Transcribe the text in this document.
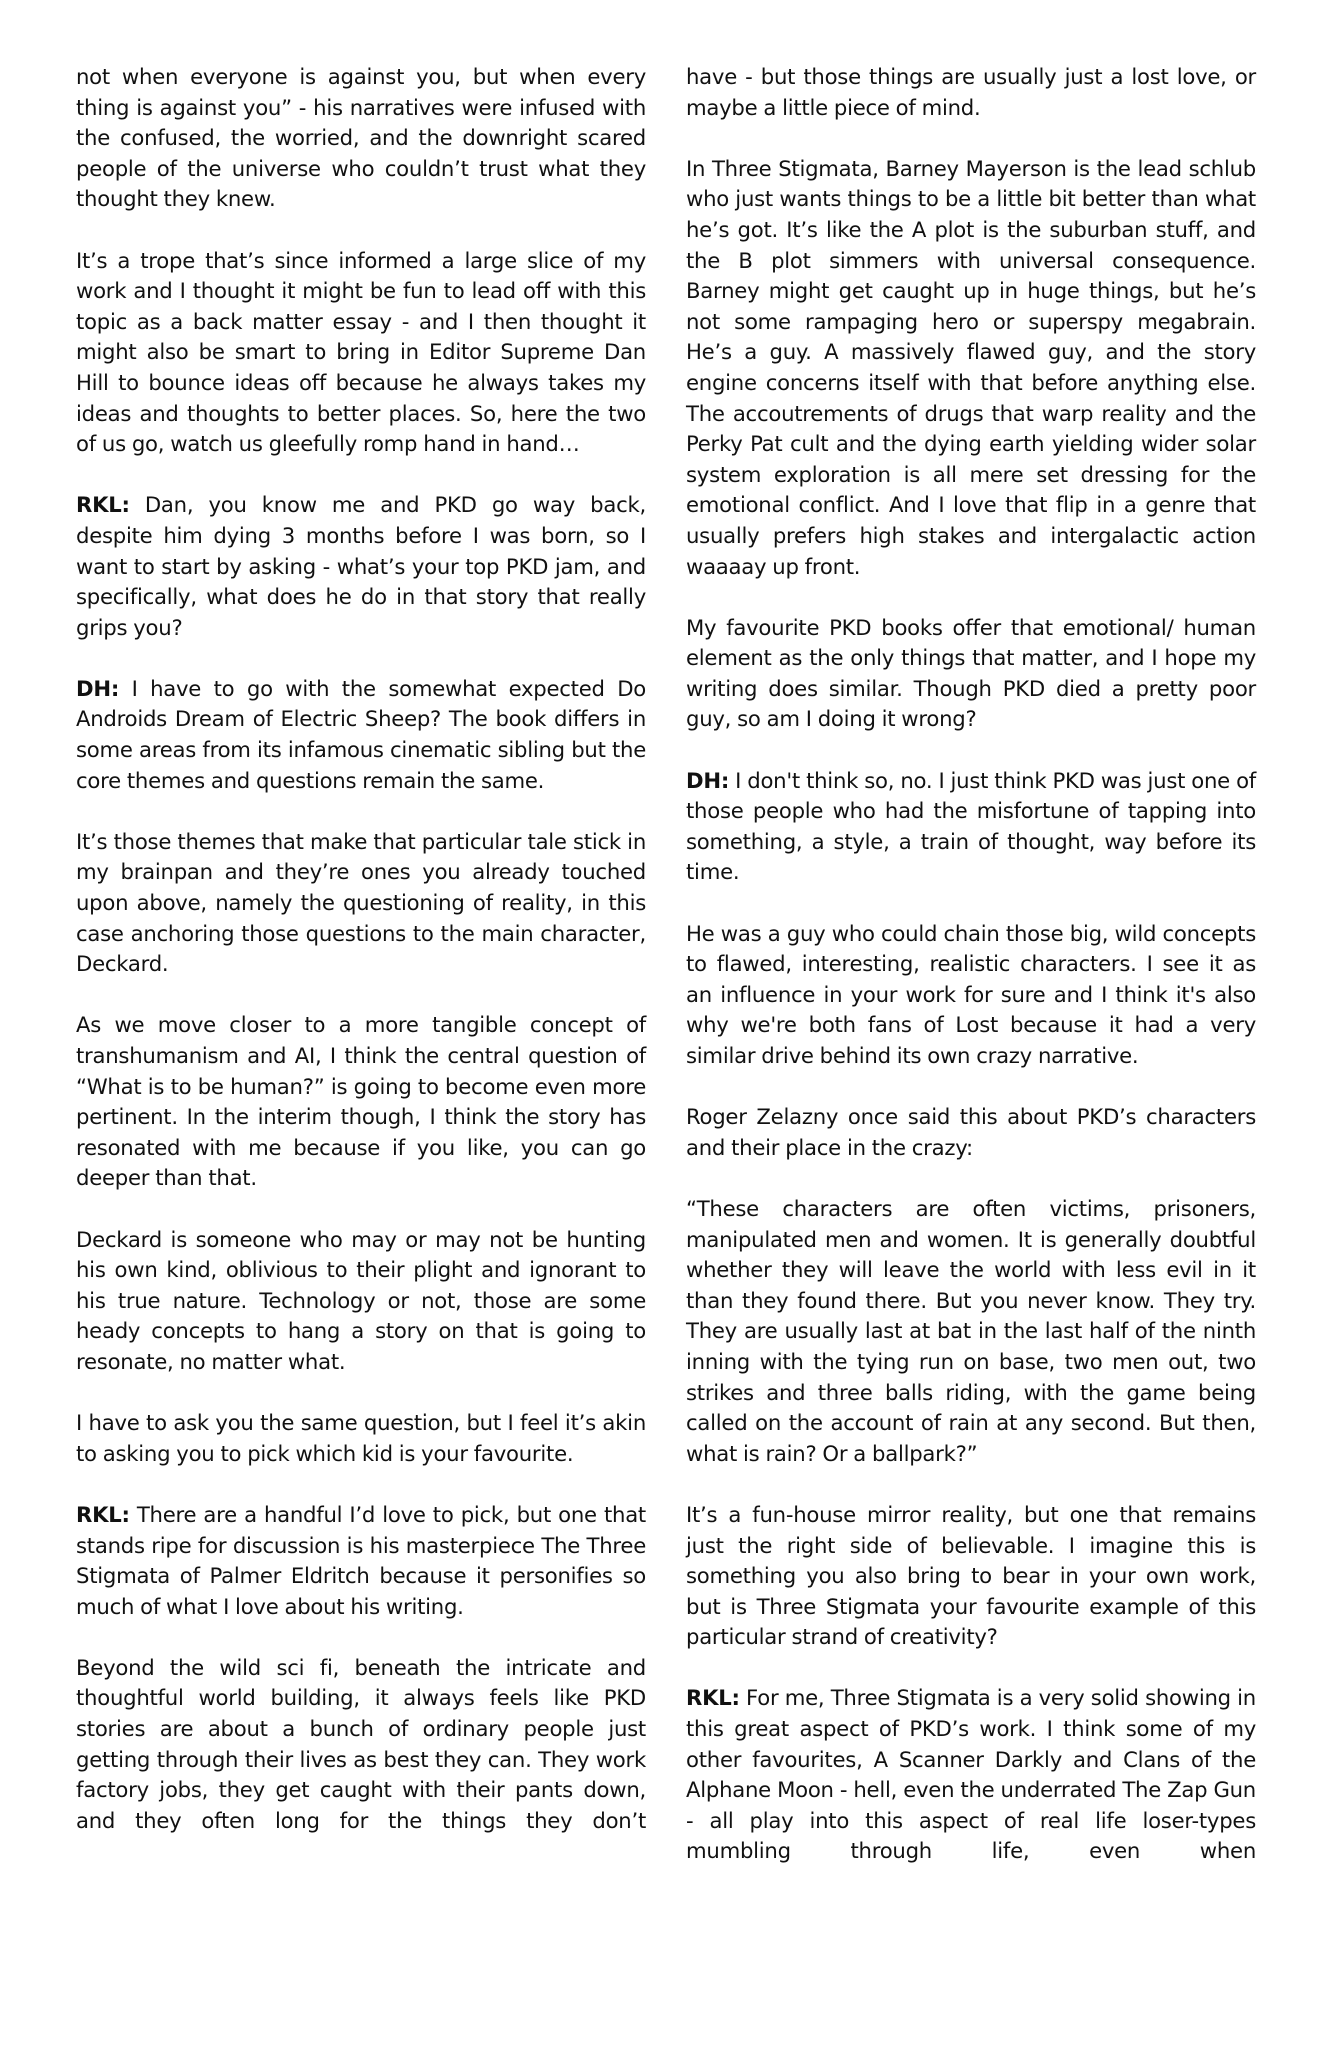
not when everyone is against you, but when every thing is against you” - his narratives were infused with the confused, the worried, and the downright scared people of the universe who couldn’t trust what they thought they knew.

It’s a trope that’s since informed a large slice of my work and I thought it might be fun to lead off with this topic as a back matter essay - and I then thought it might also be smart to bring in Editor Supreme Dan Hill to bounce ideas off because he always takes my ideas and thoughts to better places. So, here the two of us go, watch us gleefully romp hand in hand…

RKL: Dan, you know me and PKD go way back, despite him dying 3 months before I was born, so I want to start by asking - what’s your top PKD jam, and specifically, what does he do in that story that really grips you?

DH: I have to go with the somewhat expected Do Androids Dream of Electric Sheep? The book differs in some areas from its infamous cinematic sibling but the core themes and questions remain the same.

It’s those themes that make that particular tale stick in my brainpan and they’re ones you already touched upon above, namely the questioning of reality, in this case anchoring those questions to the main character, Deckard.

As we move closer to a more tangible concept of transhumanism and AI, I think the central question of “What is to be human?” is going to become even more pertinent. In the interim though, I think the story has resonated with me because if you like, you can go deeper than that.

Deckard is someone who may or may not be hunting his own kind, oblivious to their plight and ignorant to his true nature. Technology or not, those are some heady concepts to hang a story on that is going to resonate, no matter what.

I have to ask you the same question, but I feel it’s akin to asking you to pick which kid is your favourite.

RKL: There are a handful I’d love to pick, but one that stands ripe for discussion is his masterpiece The Three Stigmata of Palmer Eldritch because it personifies so much of what I love about his writing.

Beyond the wild sci fi, beneath the intricate and thoughtful world building, it always feels like PKD stories are about a bunch of ordinary people just getting through their lives as best they can. They work factory jobs, they get caught with their pants down, and they often long for the things they don’t

have - but those things are usually just a lost love, or maybe a little piece of mind.

In Three Stigmata, Barney Mayerson is the lead schlub who just wants things to be a little bit better than what he’s got. It’s like the A plot is the suburban stuff, and the B plot simmers with universal consequence. Barney might get caught up in huge things, but he’s not some rampaging hero or superspy megabrain. He’s a guy. A massively flawed guy, and the story engine concerns itself with that before anything else. The accoutrements of drugs that warp reality and the Perky Pat cult and the dying earth yielding wider solar system exploration is all mere set dressing for the emotional conflict. And I love that flip in a genre that usually prefers high stakes and intergalactic action waaaay up front.

My favourite PKD books offer that emotional/ human element as the only things that matter, and I hope my writing does similar. Though PKD died a pretty poor guy, so am I doing it wrong?

DH: I don't think so, no. I just think PKD was just one of those people who had the misfortune of tapping into something, a style, a train of thought, way before its time.

He was a guy who could chain those big, wild concepts to flawed, interesting, realistic characters. I see it as an influence in your work for sure and I think it's also why we're both fans of Lost because it had a very similar drive behind its own crazy narrative.

Roger Zelazny once said this about PKD’s characters and their place in the crazy:

“These characters are often victims, prisoners, manipulated men and women. It is generally doubtful whether they will leave the world with less evil in it than they found there. But you never know. They try. They are usually last at bat in the last half of the ninth inning with the tying run on base, two men out, two strikes and three balls riding, with the game being called on the account of rain at any second. But then, what is rain? Or a ballpark?”

It’s a fun-house mirror reality, but one that remains just the right side of believable. I imagine this is something you also bring to bear in your own work, but is Three Stigmata your favourite example of this particular strand of creativity?

RKL: For me, Three Stigmata is a very solid showing in this great aspect of PKD’s work. I think some of my other favourites, A Scanner Darkly and Clans of the Alphane Moon - hell, even the underrated The Zap Gun - all play into this aspect of real life loser-types mumbling through life, even when
